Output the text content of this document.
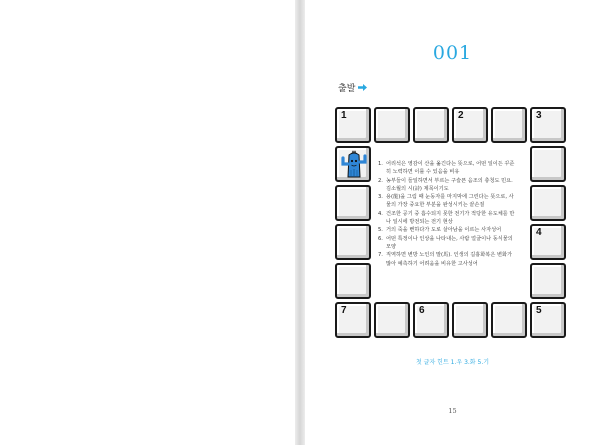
001
출발
1	2	3
4
7	6	5
1. 어리석은 영감이 산을 옮긴다는 뜻으로, 어떤 일이든 꾸준히 노력하면 이룰 수 있음을 비유
2. 농부들이 들일하면서 부르는 구슬픈 음조의 충청도 민요. 김소월의 시(詩) 제목이기도
3. 용(龍)을 그림 때 눈동자를 마지막에 그린다는 뜻으로, 사물의 가장 중요한 부분을 완성시키는 끝손질
4. 건조한 공기 중 흡수되지 못한 전기가 적당한 유도체를 만나 일시에 방전되는 전기 현상
5. 거의 죽을 뻔하다가 도로 살아남을 이르는 사자성어
6. 어떤 특정이나 인상을 나타내는, 사람 얼굴이나 동식물의 모양
7. 직역하면 변방 노인의 말(馬). 인생의 길흉화복은 변화가 많아 예측하기 어려움을 비유한 고사성어
첫 글자 힌트 1.우 3.화 5.기
15
